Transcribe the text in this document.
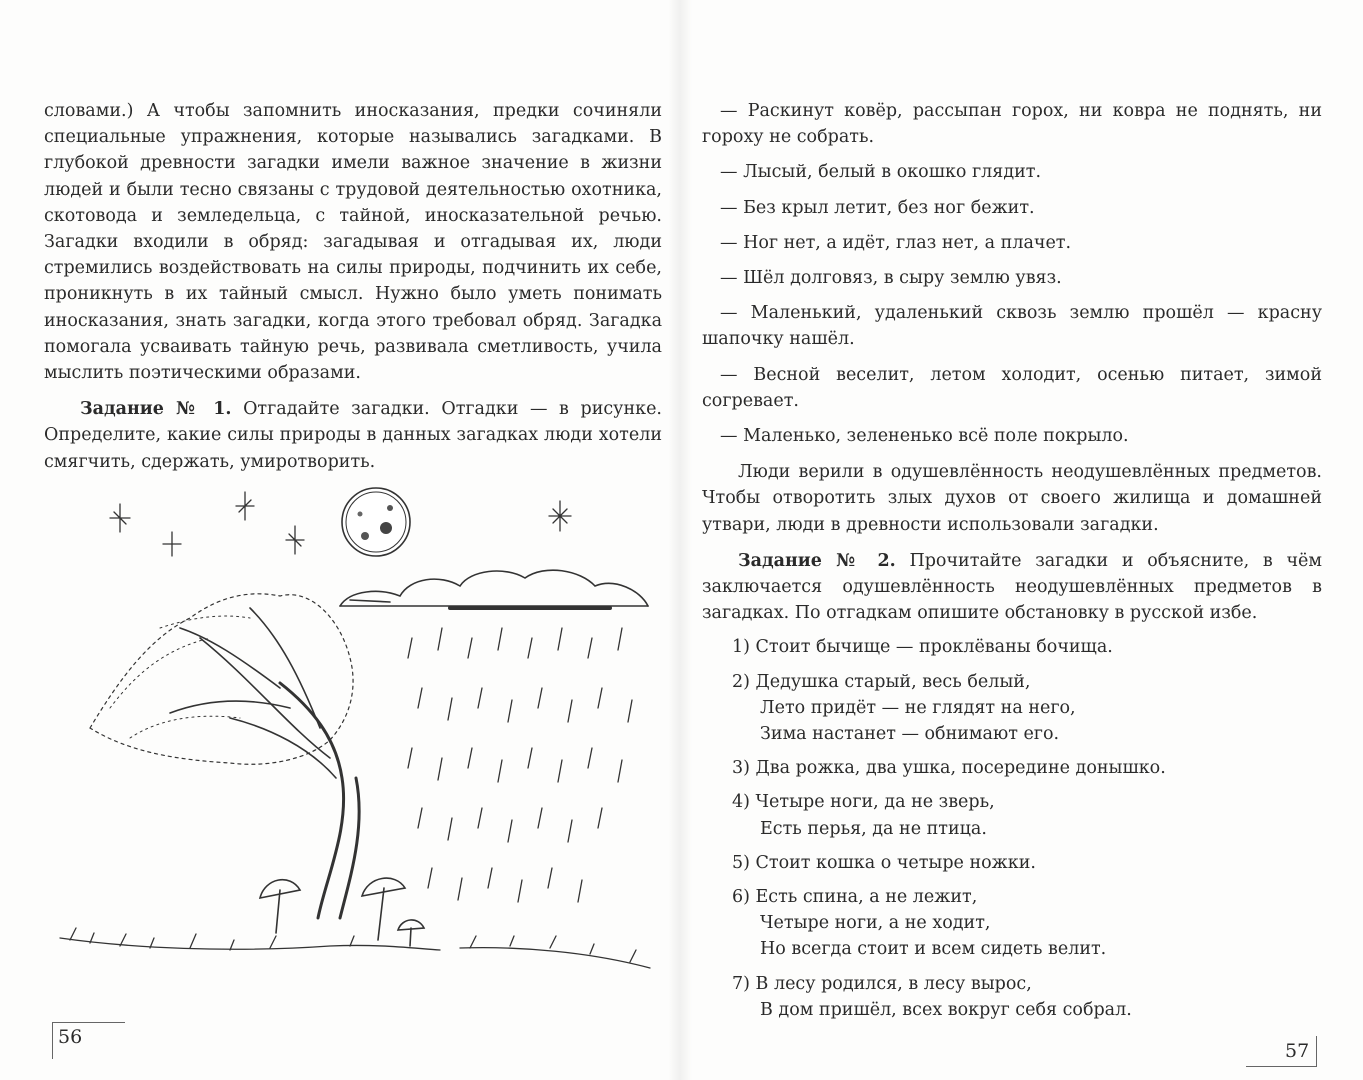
словами.) А чтобы запомнить иносказания, предки сочиняли специальные упражнения, которые назывались загадками. В глубокой древности загадки имели важное значение в жизни людей и были тесно связаны с трудовой деятельностью охотника, скотовода и земледельца, с тайной, иносказательной речью. Загадки входили в обряд: загадывая и отгадывая их, люди стремились воздействовать на силы природы, подчинить их себе, проникнуть в их тайный смысл. Нужно было уметь понимать иносказания, знать загадки, когда этого требовал обряд. Загадка помогала усваивать тайную речь, развивала сметливость, учила мыслить поэтическими образами.

Задание № 1. Отгадайте загадки. Отгадки — в рисунке. Определите, какие силы природы в данных загадках люди хотели смягчить, сдержать, умиротворить.

— Раскинут ковёр, рассыпан горох, ни ковра не поднять, ни гороху не собрать.

— Лысый, белый в окошко глядит.

— Без крыл летит, без ног бежит.

— Ног нет, а идёт, глаз нет, а плачет.

— Шёл долговяз, в сыру землю увяз.

— Маленький, удаленький сквозь землю прошёл — красну шапочку нашёл.

— Весной веселит, летом холодит, осенью питает, зимой согревает.

— Маленько, зелененько всё поле покрыло.

Люди верили в одушевлённость неодушевлённых предметов. Чтобы отворотить злых духов от своего жилища и домашней утвари, люди в древности использовали загадки.

Задание № 2. Прочитайте загадки и объясните, в чём заключается одушевлённость неодушевлённых предметов в загадках. По отгадкам опишите обстановку в русской избе.

1) Стоит бычище — проклёваны бочища.
2) Дедушка старый, весь белый,
Лето придёт — не глядят на него,
Зима настанет — обнимают его.
3) Два рожка, два ушка, посередине донышко.
4) Четыре ноги, да не зверь,
Есть перья, да не птица.
5) Стоит кошка о четыре ножки.
6) Есть спина, а не лежит,
Четыре ноги, а не ходит,
Но всегда стоит и всем сидеть велит.
7) В лесу родился, в лесу вырос,
В дом пришёл, всех вокруг себя собрал.
56
57
